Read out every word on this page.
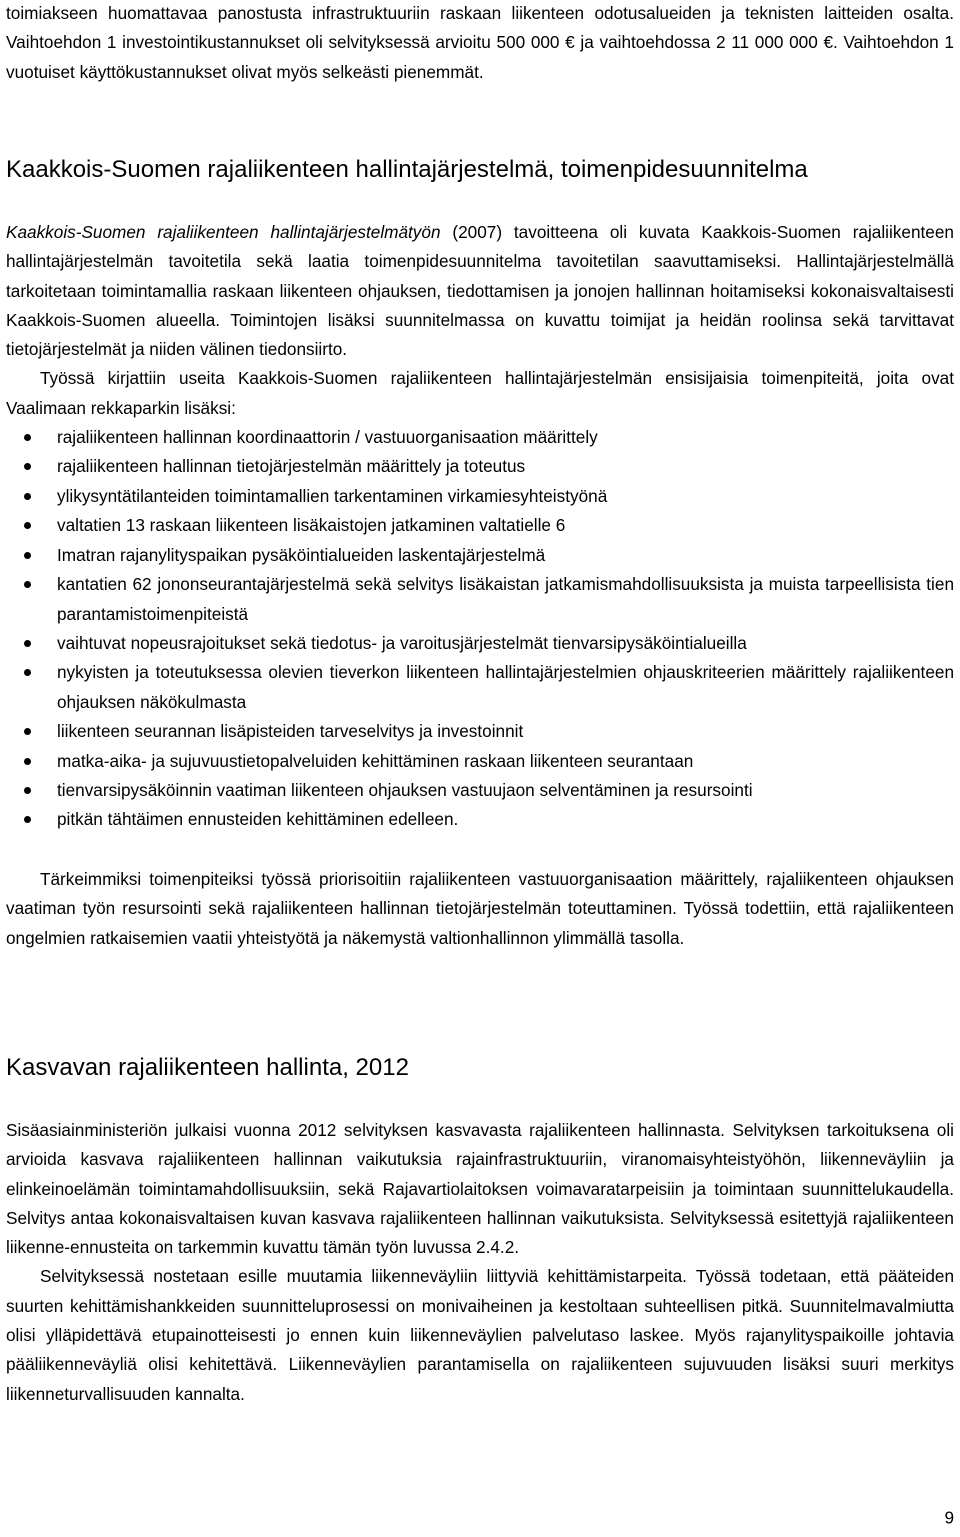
toimiakseen huomattavaa panostusta infrastruktuuriin raskaan liikenteen odotusalueiden ja teknisten laitteiden osalta. Vaihtoehdon 1 investointikustannukset oli selvityksessä arvioitu 500 000 € ja vaihtoehdossa 2 11 000 000 €. Vaihtoehdon 1 vuotuiset käyttökustannukset olivat myös selkeästi pienemmät.

Kaakkois-Suomen rajaliikenteen hallintajärjestelmä, toimenpidesuunnitelma

Kaakkois-Suomen rajaliikenteen hallintajärjestelmätyön (2007) tavoitteena oli kuvata Kaakkois-Suomen rajaliikenteen hallintajärjestelmän tavoitetila sekä laatia toimenpidesuunnitelma tavoitetilan saavuttamiseksi. Hallintajärjestelmällä tarkoitetaan toimintamallia raskaan liikenteen ohjauksen, tiedottamisen ja jonojen hallinnan hoitamiseksi kokonaisvaltaisesti Kaakkois-Suomen alueella. Toimintojen lisäksi suunnitelmassa on kuvattu toimijat ja heidän roolinsa sekä tarvittavat tietojärjestelmät ja niiden välinen tiedonsiirto.

Työssä kirjattiin useita Kaakkois-Suomen rajaliikenteen hallintajärjestelmän ensisijaisia toimenpiteitä, joita ovat Vaalimaan rekkaparkin lisäksi:

rajaliikenteen hallinnan koordinaattorin / vastuuorganisaation määrittely
rajaliikenteen hallinnan tietojärjestelmän määrittely ja toteutus
ylikysyntätilanteiden toimintamallien tarkentaminen virkamiesyhteistyönä
valtatien 13 raskaan liikenteen lisäkaistojen jatkaminen valtatielle 6
Imatran rajanylityspaikan pysäköintialueiden laskentajärjestelmä
kantatien 62 jononseurantajärjestelmä sekä selvitys lisäkaistan jatkamismahdollisuuksista ja muista tarpeellisista tien parantamistoimenpiteistä
vaihtuvat nopeusrajoitukset sekä tiedotus- ja varoitusjärjestelmät tienvarsipysäköintialueilla
nykyisten ja toteutuksessa olevien tieverkon liikenteen hallintajärjestelmien ohjauskriteerien määrittely rajaliikenteen ohjauksen näkökulmasta
liikenteen seurannan lisäpisteiden tarveselvitys ja investoinnit
matka-aika- ja sujuvuustietopalveluiden kehittäminen raskaan liikenteen seurantaan
tienvarsipysäköinnin vaatiman liikenteen ohjauksen vastuujaon selventäminen ja resursointi
pitkän tähtäimen ennusteiden kehittäminen edelleen.

Tärkeimmiksi toimenpiteiksi työssä priorisoitiin rajaliikenteen vastuuorganisaation määrittely, rajaliikenteen ohjauksen vaatiman työn resursointi sekä rajaliikenteen hallinnan tietojärjestelmän toteuttaminen. Työssä todettiin, että rajaliikenteen ongelmien ratkaisemien vaatii yhteistyötä ja näkemystä valtionhallinnon ylimmällä tasolla.

Kasvavan rajaliikenteen hallinta, 2012

Sisäasiainministeriön julkaisi vuonna 2012 selvityksen kasvavasta rajaliikenteen hallinnasta. Selvityksen tarkoituksena oli arvioida kasvava rajaliikenteen hallinnan vaikutuksia rajainfrastruktuuriin, viranomaisyhteistyöhön, liikenneväyliin ja elinkeinoelämän toimintamahdollisuuksiin, sekä Rajavartiolaitoksen voimavaratarpeisiin ja toimintaan suunnittelukaudella. Selvitys antaa kokonaisvaltaisen kuvan kasvava rajaliikenteen hallinnan vaikutuksista. Selvityksessä esitettyjä rajaliikenteen liikenne-ennusteita on tarkemmin kuvattu tämän työn luvussa 2.4.2.

Selvityksessä nostetaan esille muutamia liikenneväyliin liittyviä kehittämistarpeita. Työssä todetaan, että pääteiden suurten kehittämishankkeiden suunnitteluprosessi on monivaiheinen ja kestoltaan suhteellisen pitkä. Suunnitelmavalmiutta olisi ylläpidettävä etupainotteisesti jo ennen kuin liikenneväylien palvelutaso laskee. Myös rajanylityspaikoille johtavia pääliikenneväyliä olisi kehitettävä. Liikenneväylien parantamisella on rajaliikenteen sujuvuuden lisäksi suuri merkitys liikenneturvallisuuden kannalta.

9
